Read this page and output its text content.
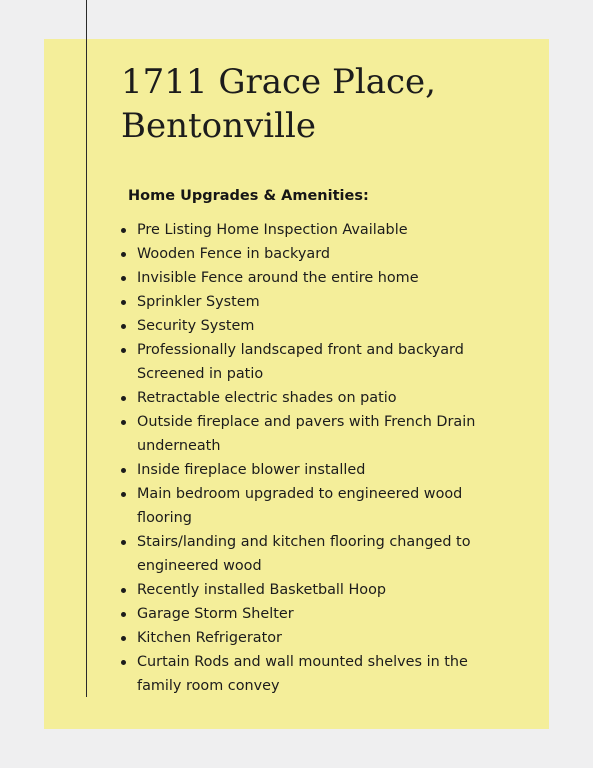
1711 Grace Place,
Bentonville
Home Upgrades & Amenities:
Pre Listing Home Inspection Available
Wooden Fence in backyard
Invisible Fence around the entire home
Sprinkler System
Security System
Professionally landscaped front and backyard
Screened in patio
Retractable electric shades on patio
Outside fireplace and pavers with French Drain underneath
Inside fireplace blower installed
Main bedroom upgraded to engineered wood flooring
Stairs/landing and kitchen flooring changed to engineered wood
Recently installed Basketball Hoop
Garage Storm Shelter
Kitchen Refrigerator
Curtain Rods and wall mounted shelves in the family room convey
